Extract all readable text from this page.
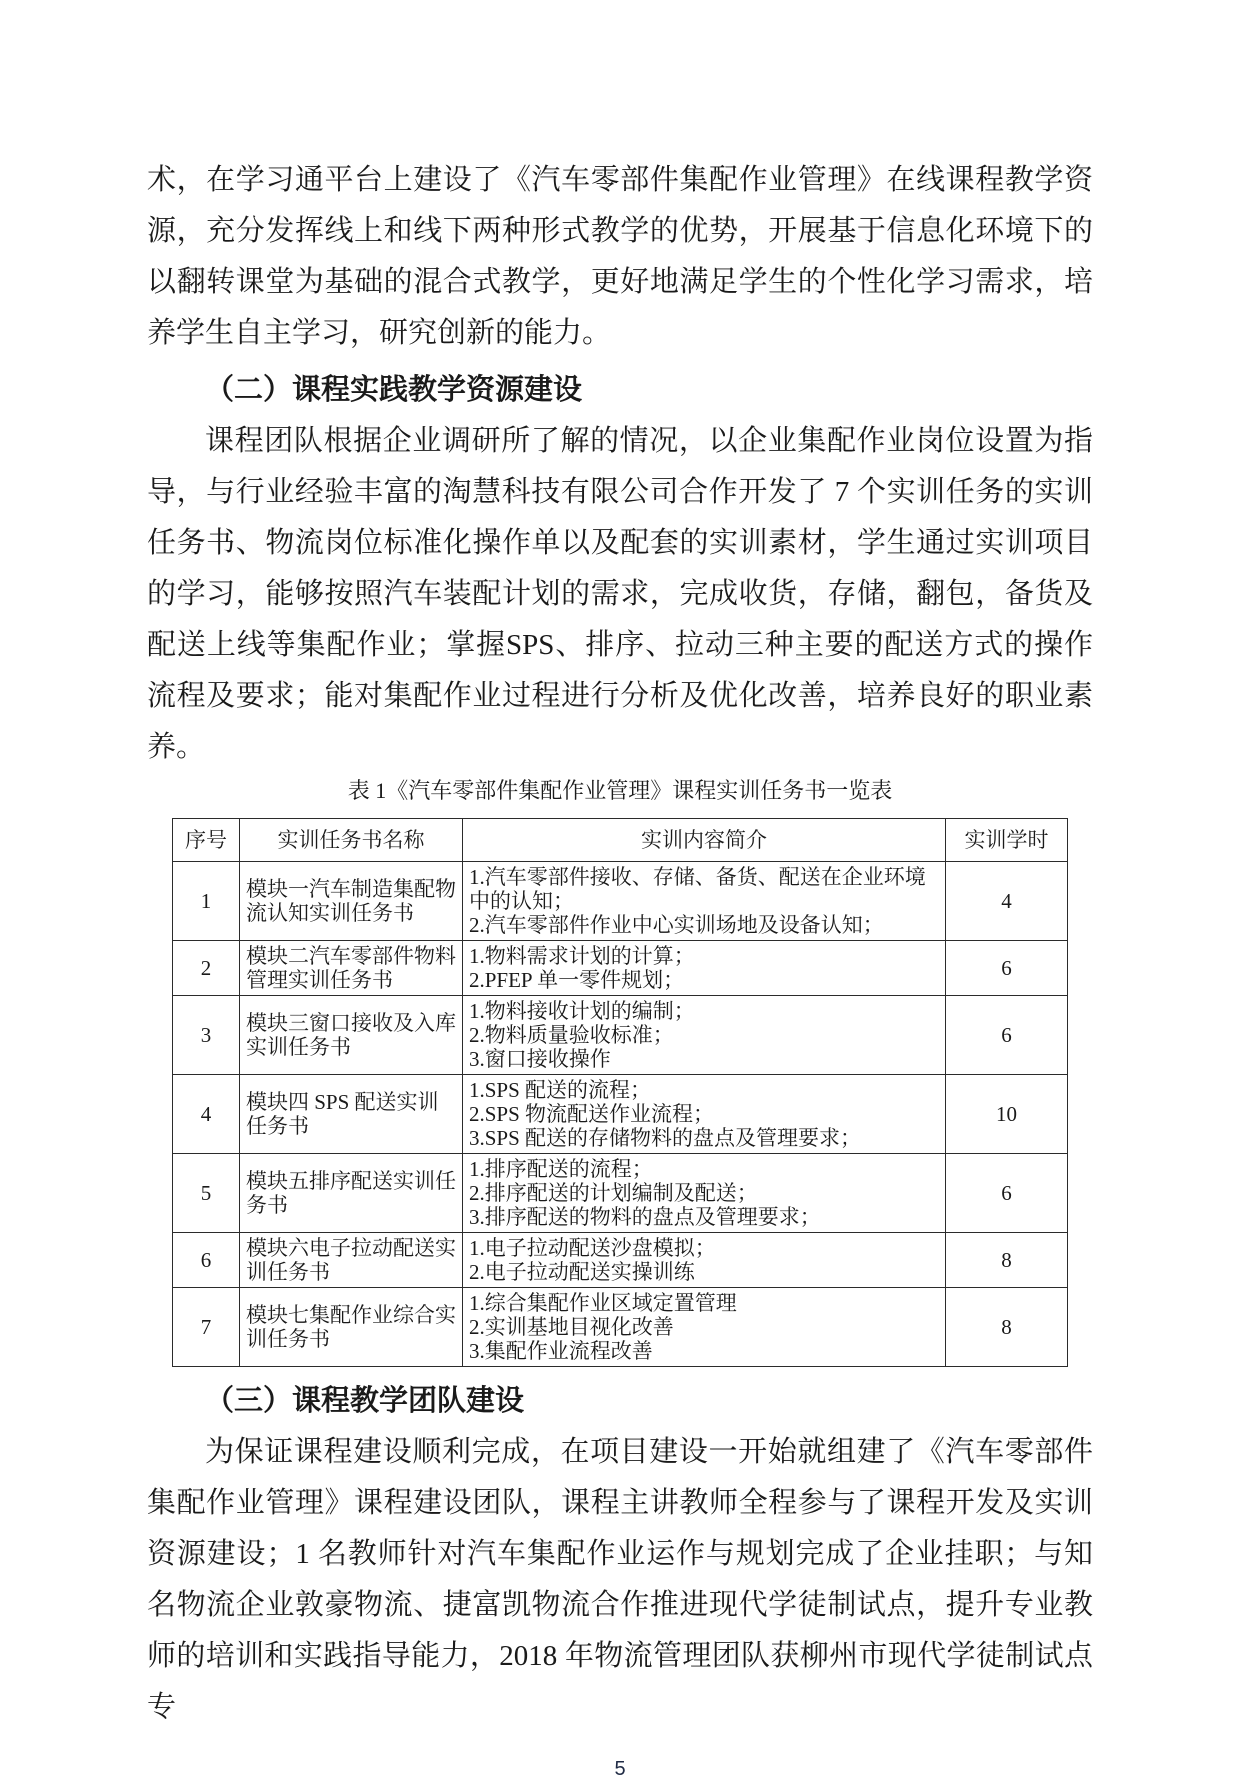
术，在学习通平台上建设了《汽车零部件集配作业管理》在线课程教学资源，充分发挥线上和线下两种形式教学的优势，开展基于信息化环境下的以翻转课堂为基础的混合式教学，更好地满足学生的个性化学习需求，培养学生自主学习，研究创新的能力。

（二）课程实践教学资源建设

课程团队根据企业调研所了解的情况，以企业集配作业岗位设置为指导，与行业经验丰富的淘慧科技有限公司合作开发了 7 个实训任务的实训任务书、物流岗位标准化操作单以及配套的实训素材，学生通过实训项目的学习，能够按照汽车装配计划的需求，完成收货，存储，翻包，备货及配送上线等集配作业；掌握SPS、排序、拉动三种主要的配送方式的操作流程及要求；能对集配作业过程进行分析及优化改善，培养良好的职业素养。

表 1《汽车零部件集配作业管理》课程实训任务书一览表
序号	实训任务书名称	实训内容简介	实训学时
1	模块一汽车制造集配物流认知实训任务书	1.汽车零部件接收、存储、备货、配送在企业环境中的认知；
2.汽车零部件作业中心实训场地及设备认知；	4
2	模块二汽车零部件物料管理实训任务书	1.物料需求计划的计算；
2.PFEP 单一零件规划；	6
3	模块三窗口接收及入库实训任务书	1.物料接收计划的编制；
2.物料质量验收标准；
3.窗口接收操作	6
4	模块四 SPS 配送实训任务书	1.SPS 配送的流程；
2.SPS 物流配送作业流程；
3.SPS 配送的存储物料的盘点及管理要求；	10
5	模块五排序配送实训任务书	1.排序配送的流程；
2.排序配送的计划编制及配送；
3.排序配送的物料的盘点及管理要求；	6
6	模块六电子拉动配送实训任务书	1.电子拉动配送沙盘模拟；
2.电子拉动配送实操训练	8
7	模块七集配作业综合实训任务书	1.综合集配作业区域定置管理
2.实训基地目视化改善
3.集配作业流程改善	8
（三）课程教学团队建设

为保证课程建设顺利完成，在项目建设一开始就组建了《汽车零部件集配作业管理》课程建设团队，课程主讲教师全程参与了课程开发及实训资源建设；1 名教师针对汽车集配作业运作与规划完成了企业挂职；与知名物流企业敦豪物流、捷富凯物流合作推进现代学徒制试点，提升专业教师的培训和实践指导能力，2018 年物流管理团队获柳州市现代学徒制试点专

5
